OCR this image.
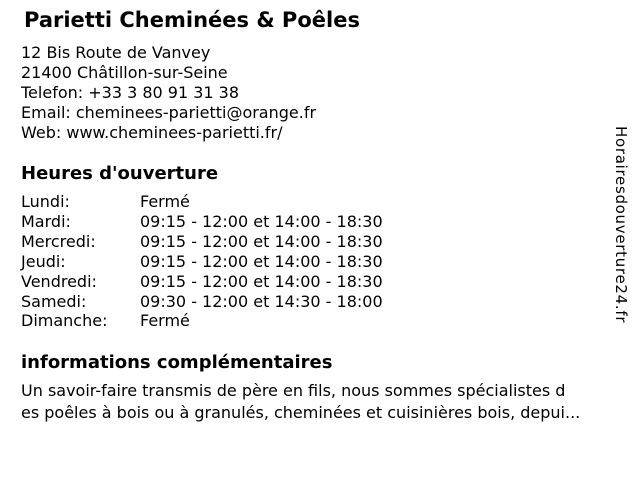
Parietti Cheminées & Poêles
12 Bis Route de Vanvey
21400 Châtillon-sur-Seine
Telefon: +33 3 80 91 31 38
Email: cheminees-parietti@orange.fr
Web: www.cheminees-parietti.fr/
Heures d'ouverture
Lundi:	Fermé
Mardi:	09:15 - 12:00 et 14:00 - 18:30
Mercredi:	09:15 - 12:00 et 14:00 - 18:30
Jeudi:	09:15 - 12:00 et 14:00 - 18:30
Vendredi:	09:15 - 12:00 et 14:00 - 18:30
Samedi:	09:30 - 12:00 et 14:30 - 18:00
Dimanche:	Fermé
informations complémentaires
Un savoir-faire transmis de père en fils, nous sommes spécialistes d
es poêles à bois ou à granulés, cheminées et cuisinières bois, depui...
Horairesdouverture24.fr
